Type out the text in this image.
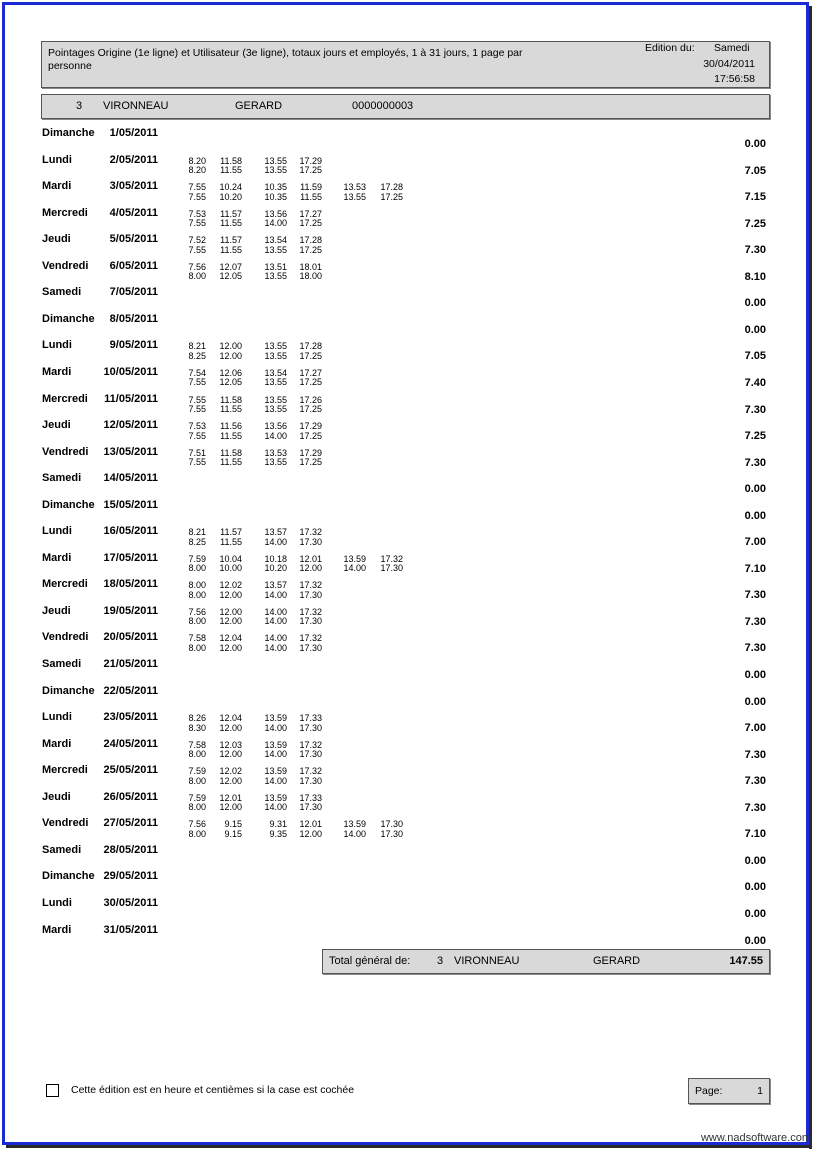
Pointages Origine (1e ligne) et Utilisateur (3e ligne), totaux jours et employés, 1 à 31 jours, 1 page par personne
Edition du: Samedi
30/04/2011
17:56:58
3 VIRONNEAU	GERARD	0000000003
Dimanche	1/05/2011
0.00
Lundi	2/05/2011	8.20	11.58	13.55	17.29
8.20	11.55	13.55	17.25	7.05
Mardi	3/05/2011	7.55	10.24	10.35	11.59	13.53	17.28
7.55	10.20	10.35	11.55	13.55	17.25	7.15
Mercredi	4/05/2011	7.53	11.57	13.56	17.27
7.55	11.55	14.00	17.25	7.25
Jeudi	5/05/2011	7.52	11.57	13.54	17.28
7.55	11.55	13.55	17.25	7.30
Vendredi	6/05/2011	7.56	12.07	13.51	18.01
8.00	12.05	13.55	18.00	8.10
Samedi	7/05/2011
0.00
Dimanche	8/05/2011
0.00
Lundi	9/05/2011	8.21	12.00	13.55	17.28
8.25	12.00	13.55	17.25	7.05
Mardi	10/05/2011	7.54	12.06	13.54	17.27
7.55	12.05	13.55	17.25	7.40
Mercredi	11/05/2011	7.55	11.58	13.55	17.26
7.55	11.55	13.55	17.25	7.30
Jeudi	12/05/2011	7.53	11.56	13.56	17.29
7.55	11.55	14.00	17.25	7.25
Vendredi	13/05/2011	7.51	11.58	13.53	17.29
7.55	11.55	13.55	17.25	7.30
Samedi	14/05/2011
0.00
Dimanche 15/05/2011
0.00
Lundi	16/05/2011	8.21	11.57	13.57	17.32
8.25	11.55	14.00	17.30	7.00
Mardi	17/05/2011	7.59	10.04	10.18	12.01	13.59	17.32
8.00	10.00	10.20	12.00	14.00	17.30	7.10
Mercredi	18/05/2011	8.00	12.02	13.57	17.32
8.00	12.00	14.00	17.30	7.30
Jeudi	19/05/2011	7.56	12.00	14.00	17.32
8.00	12.00	14.00	17.30	7.30
Vendredi	20/05/2011	7.58	12.04	14.00	17.32
8.00	12.00	14.00	17.30	7.30
Samedi	21/05/2011
0.00
Dimanche 22/05/2011
0.00
Lundi	23/05/2011	8.26	12.04	13.59	17.33
8.30	12.00	14.00	17.30	7.00
Mardi	24/05/2011	7.58	12.03	13.59	17.32
8.00	12.00	14.00	17.30	7.30
Mercredi	25/05/2011	7.59	12.02	13.59	17.32
8.00	12.00	14.00	17.30	7.30
Jeudi	26/05/2011	7.59	12.01	13.59	17.33
8.00	12.00	14.00	17.30	7.30
Vendredi	27/05/2011	7.56	9.15	9.31	12.01	13.59	17.30
8.00	9.15	9.35	12.00	14.00	17.30	7.10
Samedi	28/05/2011
0.00
Dimanche 29/05/2011
0.00
Lundi	30/05/2011
0.00
Mardi	31/05/2011
0.00
Total général de: 3 VIRONNEAU	GERARD	147.55
Cette édition est en heure et centièmes si la case est cochée	Page:	1
www.nadsoftware.com
